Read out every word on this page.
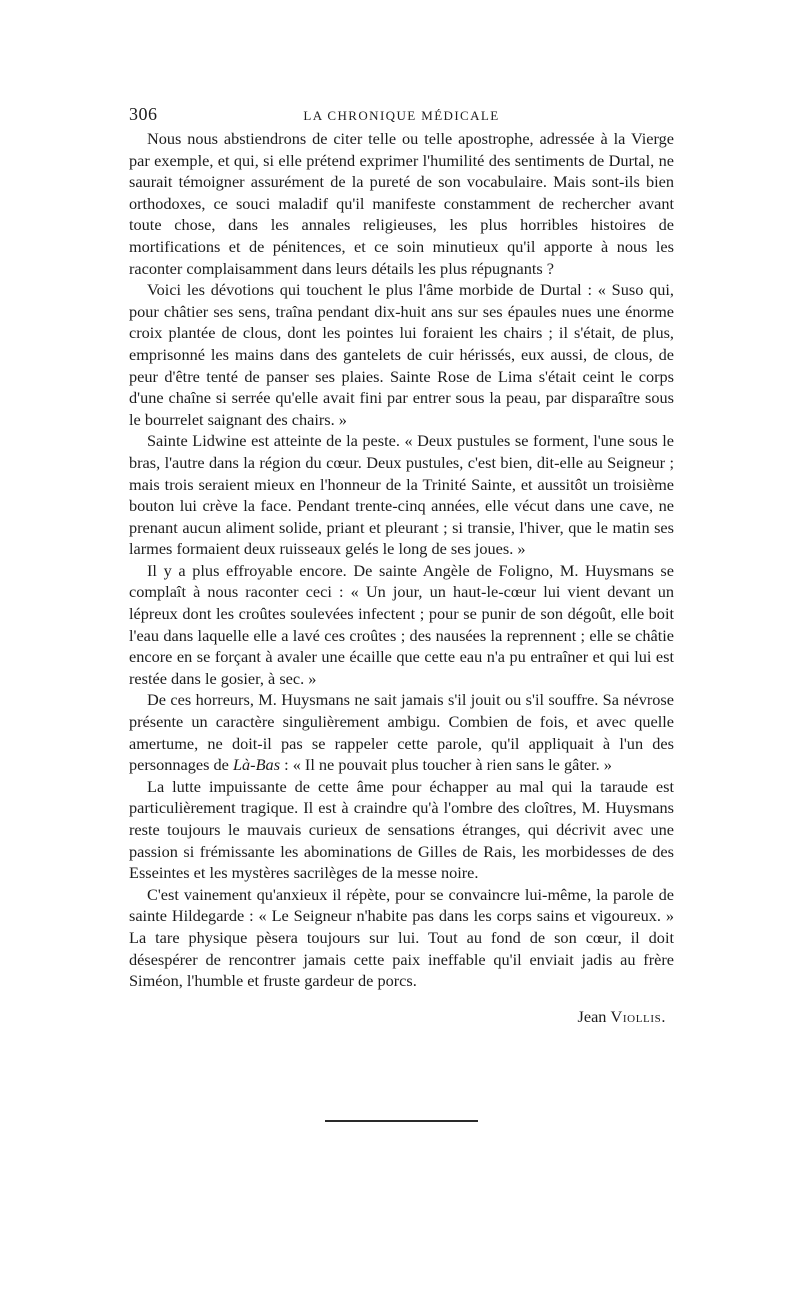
306	LA CHRONIQUE MÉDICALE

Nous nous abstiendrons de citer telle ou telle apostrophe, adressée à la Vierge par exemple, et qui, si elle prétend exprimer l'humilité des sentiments de Durtal, ne saurait témoigner assurément de la pureté de son vocabulaire. Mais sont-ils bien orthodoxes, ce souci maladif qu'il manifeste constamment de rechercher avant toute chose, dans les annales religieuses, les plus horribles histoires de mortifications et de pénitences, et ce soin minutieux qu'il apporte à nous les raconter complaisamment dans leurs détails les plus répugnants ?

Voici les dévotions qui touchent le plus l'âme morbide de Durtal : « Suso qui, pour châtier ses sens, traîna pendant dix-huit ans sur ses épaules nues une énorme croix plantée de clous, dont les pointes lui foraient les chairs ; il s'était, de plus, emprisonné les mains dans des gantelets de cuir hérissés, eux aussi, de clous, de peur d'être tenté de panser ses plaies. Sainte Rose de Lima s'était ceint le corps d'une chaîne si serrée qu'elle avait fini par entrer sous la peau, par disparaître sous le bourrelet saignant des chairs. »

Sainte Lidwine est atteinte de la peste. « Deux pustules se forment, l'une sous le bras, l'autre dans la région du cœur. Deux pustules, c'est bien, dit-elle au Seigneur ; mais trois seraient mieux en l'honneur de la Trinité Sainte, et aussitôt un troisième bouton lui crève la face. Pendant trente-cinq années, elle vécut dans une cave, ne prenant aucun aliment solide, priant et pleurant ; si transie, l'hiver, que le matin ses larmes formaient deux ruisseaux gelés le long de ses joues. »

Il y a plus effroyable encore. De sainte Angèle de Foligno, M. Huysmans se complaît à nous raconter ceci : « Un jour, un haut-le-cœur lui vient devant un lépreux dont les croûtes soulevées infectent ; pour se punir de son dégoût, elle boit l'eau dans laquelle elle a lavé ces croûtes ; des nausées la reprennent ; elle se châtie encore en se forçant à avaler une écaille que cette eau n'a pu entraîner et qui lui est restée dans le gosier, à sec. »

De ces horreurs, M. Huysmans ne sait jamais s'il jouit ou s'il souffre. Sa névrose présente un caractère singulièrement ambigu. Combien de fois, et avec quelle amertume, ne doit-il pas se rappeler cette parole, qu'il appliquait à l'un des personnages de Là-Bas : « Il ne pouvait plus toucher à rien sans le gâter. »

La lutte impuissante de cette âme pour échapper au mal qui la taraude est particulièrement tragique. Il est à craindre qu'à l'ombre des cloîtres, M. Huysmans reste toujours le mauvais curieux de sensations étranges, qui décrivit avec une passion si frémissante les abominations de Gilles de Rais, les morbidesses de des Esseintes et les mystères sacrilèges de la messe noire.

C'est vainement qu'anxieux il répète, pour se convaincre lui-même, la parole de sainte Hildegarde : « Le Seigneur n'habite pas dans les corps sains et vigoureux. » La tare physique pèsera toujours sur lui. Tout au fond de son cœur, il doit désespérer de rencontrer jamais cette paix ineffable qu'il enviait jadis au frère Siméon, l'humble et fruste gardeur de porcs.

Jean Viollis.
